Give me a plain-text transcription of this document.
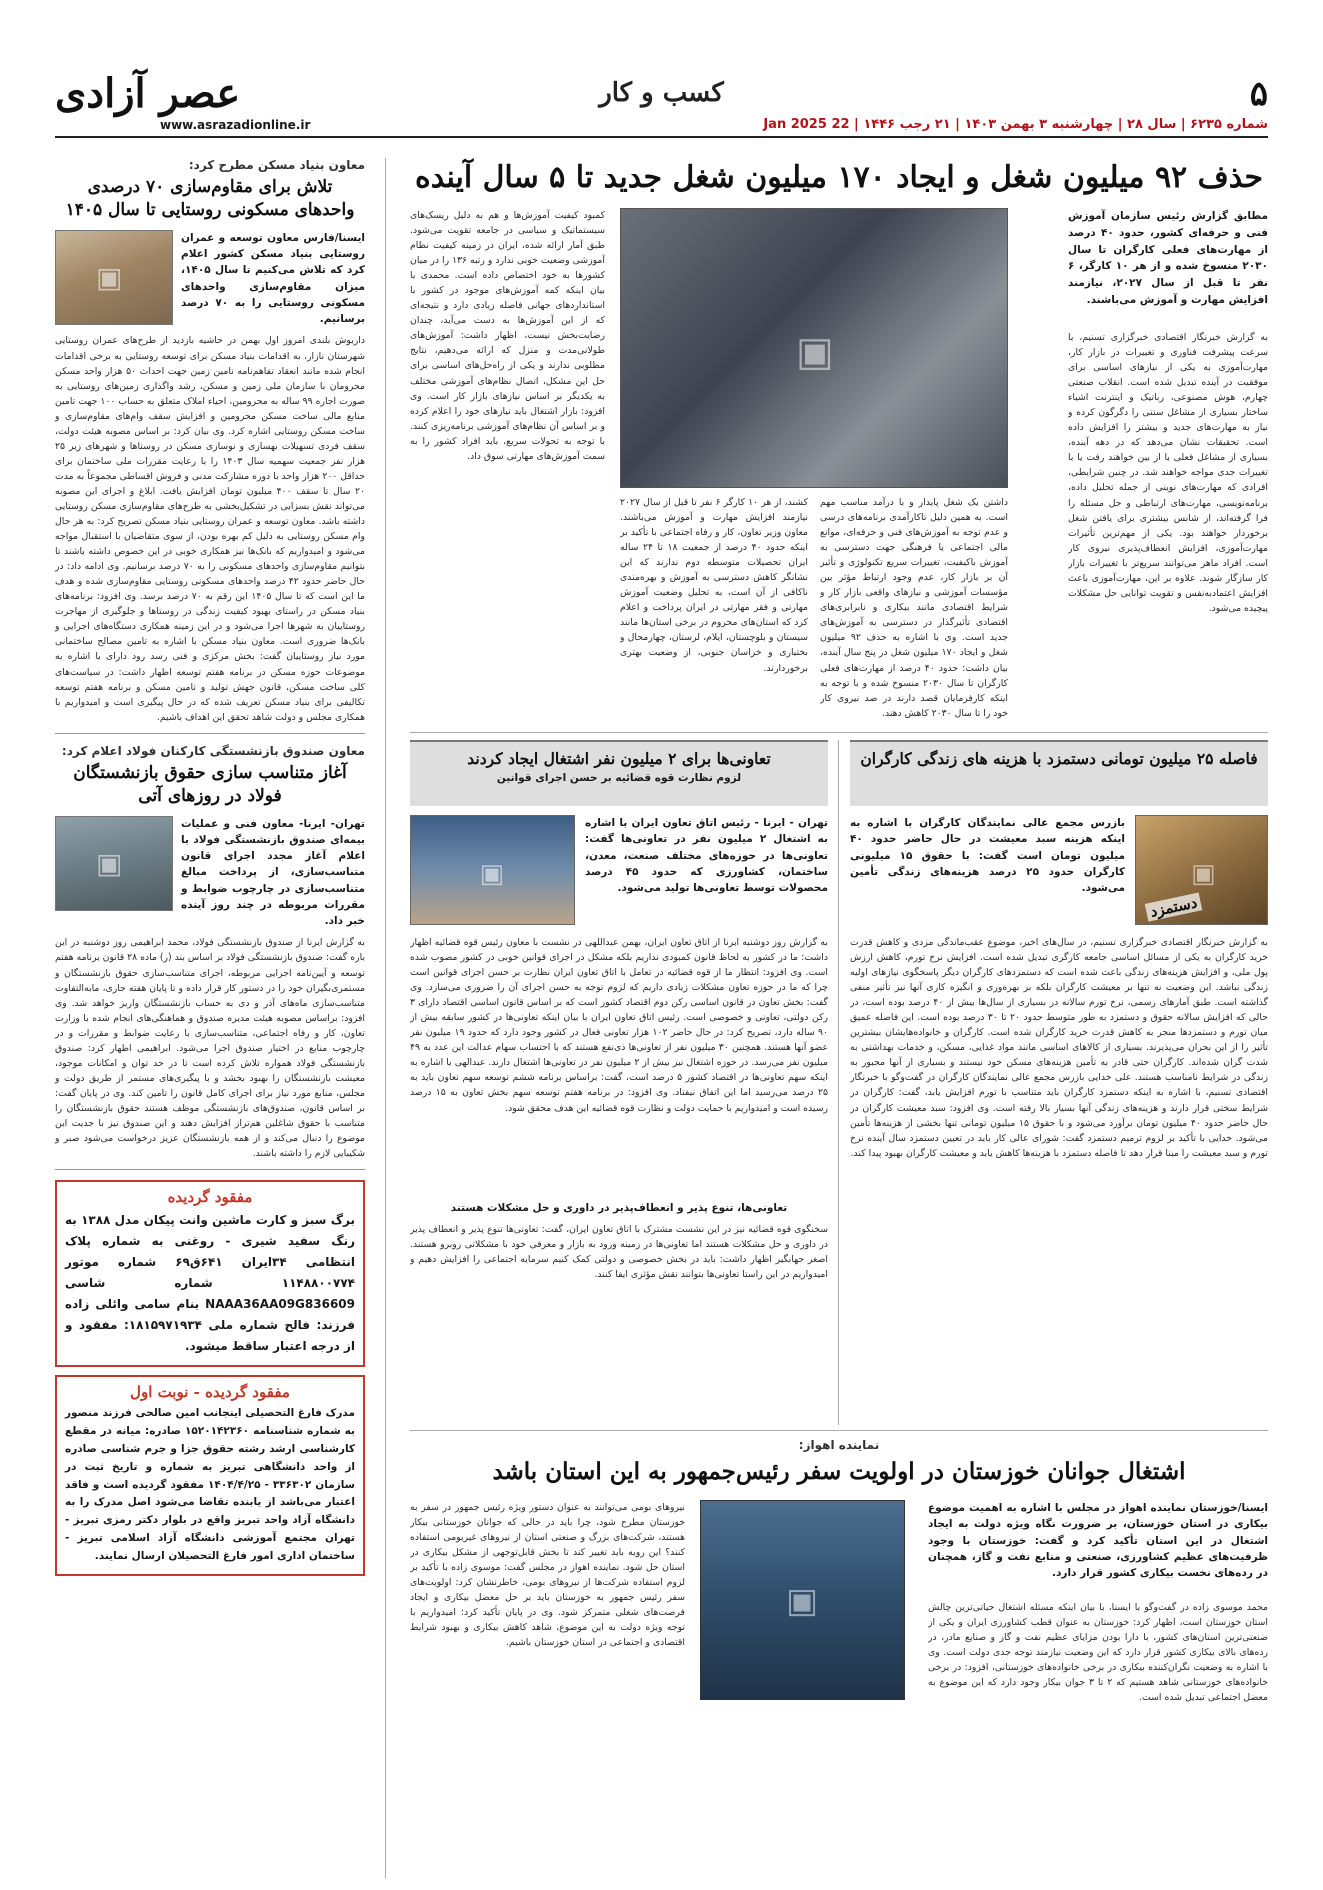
۵
کسب و کار
شماره ۶۲۳۵ | سال ۲۸ | چهارشنبه ۳ بهمن ۱۴۰۳ | ۲۱ رجب ۱۴۴۶ | 22 Jan 2025
عصر آزادی
www.asrazadionline.ir
معاون بنیاد مسکن مطرح کرد:
تلاش برای مقاوم‌سازی ۷۰ درصدی واحدهای مسکونی روستایی تا سال ۱۴۰۵
▣
ایسنا/فارس معاون توسعه و عمران روستایی بنیاد مسکن کشور اعلام کرد که تلاش می‌کنیم تا سال ۱۴۰۵، میزان مقاوم‌سازی واحدهای مسکونی روستایی را به ۷۰ درصد برسانیم.
داریوش بلندی امروز اول بهمن در حاشیه بازدید از طرح‌های عمران روستایی شهرستان نازار، به اقدامات بنیاد مسکن برای توسعه روستایی به برخی اقدامات انجام شده مانند انعقاد تفاهم‌نامه تامین زمین جهت احداث ۵۰ هزار واحد مسکن محرومان با سازمان ملی زمین و مسکن، رشد واگذاری زمین‌های روستایی به صورت اجاره ۹۹ ساله به محرومین، احیاء املاک متعلق به حساب ۱۰۰ جهت تامین منابع مالی ساخت مسکن محرومین و افزایش سقف وام‌های مقاوم‌سازی و ساخت مسکن روستایی اشاره کرد. وی بیان کرد: بر اساس مصوبه هیئت دولت، سقف فردی تسهیلات بهسازی و نوسازی مسکن در روستاها و شهرهای زیر ۲۵ هزار نفر جمعیت سهمیه سال ۱۴۰۳ را با رعایت مقررات ملی ساختمان برای حداقل ۲۰۰ هزار واحد با دوره مشارکت مدنی و فروش اقساطی مجموعاً به مدت ۲۰ سال تا سقف ۴۰۰ میلیون تومان افزایش یافت. ابلاغ و اجرای این مصوبه می‌تواند نقش بسزایی در تشکیل‌بخشی به طرح‌های مقاوم‌سازی مسکن روستایی داشته باشد. معاون توسعه و عمران روستایی بنیاد مسکن تصریح کرد: به هر حال وام مسکن روستایی به دلیل کم بهره بودن، از سوی متقاضیان با استقبال مواجه می‌شود و امیدواریم که بانک‌ها نیز همکاری خوبی در این خصوص داشته باشند تا بتوانیم مقاوم‌سازی واحدهای مسکونی را به ۷۰ درصد برسانیم. وی ادامه داد: در حال حاضر حدود ۴۲ درصد واحدهای مسکونی روستایی مقاوم‌سازی شده و هدف ما این است که تا سال ۱۴۰۵ این رقم به ۷۰ درصد برسد. وی افزود: برنامه‌های بنیاد مسکن در راستای بهبود کیفیت زندگی در روستاها و جلوگیری از مهاجرت روستاییان به شهرها اجرا می‌شود و در این زمینه همکاری دستگاه‌های اجرایی و بانک‌ها ضروری است. معاون بنیاد مسکن با اشاره به تامین مصالح ساختمانی مورد نیاز روستاییان گفت: بخش مرکزی و فنی رسد رود دارای یا اشاره به موضوعات حوزه مسکن در برنامه هفتم توسعه اظهار داشت: در سیاست‌های کلی ساخت مسکن، قانون جهش تولید و تامین مسکن و برنامه هفتم توسعه تکالیفی برای بنیاد مسکن تعریف شده که در حال پیگیری است و امیدواریم با همکاری مجلس و دولت شاهد تحقق این اهداف باشیم.
معاون صندوق بازنشستگی کارکنان فولاد اعلام کرد:
آغاز متناسب سازی حقوق بازنشستگان فولاد در روزهای آتی
▣
تهران- ایرنا- معاون فنی و عملیات بیمه‌ای صندوق بازنشستگی فولاد با اعلام آغاز مجدد اجرای قانون متناسب‌سازی، از پرداخت مبالغ متناسب‌سازی در چارچوب ضوابط و مقررات مربوطه در چند روز آینده خبر داد.
به گزارش ایرنا از صندوق بازنشستگی فولاد، محمد ابراهیمی روز دوشنبه در این باره گفت: صندوق بازنشستگی فولاد بر اساس بند (ر) ماده ۲۸ قانون برنامه هفتم توسعه و آیین‌نامه اجرایی مربوطه، اجرای متناسب‌سازی حقوق بازنشستگان و مستمری‌بگیران خود را در دستور کار قرار داده و تا پایان هفته جاری، مابه‌التفاوت متناسب‌سازی ماه‌های آذر و دی به حساب بازنشستگان واریز خواهد شد. وی افزود: براساس مصوبه هیئت مدیره صندوق و هماهنگی‌های انجام شده با وزارت تعاون، کار و رفاه اجتماعی، متناسب‌سازی با رعایت ضوابط و مقررات و در چارچوب منابع در اختیار صندوق اجرا می‌شود. ابراهیمی اظهار کرد: صندوق بازنشستگی فولاد همواره تلاش کرده است تا در حد توان و امکانات موجود، معیشت بازنشستگان را بهبود بخشد و با پیگیری‌های مستمر از طریق دولت و مجلس، منابع مورد نیاز برای اجرای کامل قانون را تامین کند. وی در پایان گفت: بر اساس قانون، صندوق‌های بازنشستگی موظف هستند حقوق بازنشستگان را متناسب با حقوق شاغلین هم‌تراز افزایش دهند و این صندوق نیز با جدیت این موضوع را دنبال می‌کند و از همه بازنشستگان عزیز درخواست می‌شود صبر و شکیبایی لازم را داشته باشند.
مفقود گردیده
برگ سبز و کارت ماشین وانت پیکان مدل ۱۳۸۸ به رنگ سفید شیری - روغنی به شماره پلاک انتظامی ۳۴ایران ۶۴۱ق۶۹ شماره موتور ۱۱۴۸۸۰۰۷۷۴ شماره شاسی NAAA36AA09G836609 بنام سامی وائلی زاده فرزند: فالح شماره ملی ۱۸۱۵۹۷۱۹۳۴: مفقود و از درجه اعتبار ساقط میشود.
مفقود گردیده - نوبت اول
مدرک فارغ التحصیلی اینجانب امین صالحی فرزند منصور به شماره شناسنامه ۱۵۲۰۱۴۲۳۶۰ صادره: میانه در مقطع کارشناسی ارشد رشته حقوق جزا و جرم شناسی صادره از واحد دانشگاهی تبریز به شماره و تاریخ ثبت در سازمان ۳۳۶۳۰۲ - ۱۴۰۴/۴/۲۵ مفقود گردیده است و فاقد اعتبار می‌باشد از یابنده تقاضا می‌شود اصل مدرک را به دانشگاه آزاد واحد تبریز واقع در بلوار دکتر رمزی تبریز - تهران مجتمع آموزشی دانشگاه آزاد اسلامی تبریز - ساختمان اداری امور فارغ التحصیلان ارسال نمایند.
حذف ۹۲ میلیون شغل و ایجاد ۱۷۰ میلیون شغل جدید تا ۵ سال آینده
مطابق گزارش رئیس سازمان آموزش فنی و حرفه‌ای کشور، حدود ۴۰ درصد از مهارت‌های فعلی کارگران تا سال ۲۰۳۰ منسوخ شده و از هر ۱۰ کارگر، ۶ نفر تا قبل از سال ۲۰۲۷، نیازمند افزایش مهارت و آموزش می‌باشند.
به گزارش خبرنگار اقتصادی خبرگزاری تسنیم، با سرعت پیشرفت فناوری و تغییرات در بازار کار، مهارت‌آموزی به یکی از نیازهای اساسی برای موفقیت در آینده تبدیل شده است. انقلاب صنعتی چهارم، هوش مصنوعی، رباتیک و اینترنت اشیاء ساختار بسیاری از مشاغل سنتی را دگرگون کرده و نیاز به مهارت‌های جدید و بیشتر را افزایش داده است. تحقیقات نشان می‌دهد که در دهه آینده، بسیاری از مشاغل فعلی یا از بین خواهند رفت یا با تغییرات جدی مواجه خواهند شد. در چنین شرایطی، افرادی که مهارت‌های نوینی از جمله تحلیل داده، برنامه‌نویسی، مهارت‌های ارتباطی و حل مسئله را فرا گرفته‌اند، از شانس بیشتری برای یافتن شغل برخوردار خواهند بود. یکی از مهم‌ترین تأثیرات مهارت‌آموزی، افزایش انعطاف‌پذیری نیروی کار است. افراد ماهر می‌توانند سریع‌تر با تغییرات بازار کار سازگار شوند. علاوه بر این، مهارت‌آموزی باعث افزایش اعتمادبه‌نفس و تقویت توانایی حل مشکلات پیچیده می‌شود.
▣
کمبود کیفیت آموزش‌ها و هم به دلیل ریسک‌های سیستماتیک و سیاسی در جامعه تقویت می‌شود. طبق آمار ارائه شده، ایران در زمینه کیفیت نظام آموزشی وضعیت خوبی ندارد و رتبه ۱۳۶ را در میان کشورها به خود اختصاص داده است. محمدی با بیان اینکه کمه آموزش‌های موجود در کشور با استانداردهای جهانی فاصله زیادی دارد و نتیجه‌ای که از این آموزش‌ها به دست می‌آید، چندان رضایت‌بخش نیست، اظهار داشت: آموزش‌های طولانی‌مدت و منزل که ارائه می‌دهیم، نتایج مطلوبی ندارند و یکی از راه‌حل‌های اساسی برای حل این مشکل، اتصال نظام‌های آموزشی مختلف به یکدیگر بر اساس نیازهای بازار کار است. وی افزود: بازار اشتغال باید نیازهای خود را اعلام کرده و بر اساس آن نظام‌های آموزشی برنامه‌ریزی کنند. با توجه به تحولات سریع، باید افراد کشور را به سمت آموزش‌های مهارتی سوق داد.
داشتن یک شغل پایدار و با درآمد مناسب مهم است. به همین دلیل تاکارآمدی برنامه‌های درسی و عدم توجه به آموزش‌های فنی و حرفه‌ای، موانع مالی اجتماعی یا فرهنگی جهت دسترسی به آموزش باکیفیت، تغییرات سریع تکنولوژی و تأثیر آن بر بازار کار، عدم وجود ارتباط مؤثر بین مؤسسات آموزشی و نیازهای واقعی بازار کار و شرایط اقتصادی مانند بیکاری و نابرابری‌های اقتصادی تأثیرگذار در دسترسی به آموزش‌های جدید است. وی با اشاره به حذف ۹۲ میلیون شغل و ایجاد ۱۷۰ میلیون شغل در پنج سال آینده، بیان داشت: حدود ۴۰ درصد از مهارت‌های فعلی کارگران تا سال ۲۰۳۰ منسوخ شده و با توجه به اینکه کارفرمایان قصد دارند در صد نیروی کار خود را تا سال ۲۰۳۰ کاهش دهند.
کشند، از هر ۱۰ کارگر ۶ نفر تا قبل از سال ۲۰۲۷ نیازمند افزایش مهارت و آموزش می‌باشند. معاون وزیر تعاون، کار و رفاه اجتماعی با تأکید بر اینکه حدود ۴۰ درصد از جمعیت ۱۸ تا ۲۴ ساله ایران تحصیلات متوسطه دوم ندارند که این نشانگر کاهش دسترسی به آموزش و بهره‌مندی ناکافی از آن است، به تحلیل وضعیت آموزش مهارتی و فقر مهارتی در ایران پرداخت و اعلام کرد که استان‌های محروم در برخی استان‌ها مانند سیستان و بلوچستان، ایلام، لرستان، چهارمحال و بختیاری و خراسان جنوبی، از وضعیت بهتری برخوردارند.
فاصله ۲۵ میلیون تومانی دستمزد با هزینه های زندگی کارگران
▣
دستمزد
بازرس مجمع عالی نمایندگان کارگران با اشاره به اینکه هزینه سبد معیشت در حال حاضر حدود ۴۰ میلیون تومان است گفت: با حقوق ۱۵ میلیونی کارگران حدود ۲۵ درصد هزینه‌های زندگی تأمین می‌شود.
به گزارش خبرنگار اقتصادی خبرگزاری تسنیم، در سال‌های اخیر، موضوع عقب‌ماندگی مزدی و کاهش قدرت خرید کارگران به یکی از مسائل اساسی جامعه کارگری تبدیل شده است. افزایش نرخ تورم، کاهش ارزش پول ملی، و افزایش هزینه‌های زندگی باعث شده است که دستمزدهای کارگران دیگر پاسخگوی نیازهای اولیه زندگی نباشد. این وضعیت نه تنها بر معیشت کارگران بلکه بر بهره‌وری و انگیزه کاری آنها نیز تأثیر منفی گذاشته است. طبق آمارهای رسمی، نرخ تورم سالانه در بسیاری از سال‌ها بیش از ۴۰ درصد بوده است، در حالی که افزایش سالانه حقوق و دستمزد به طور متوسط حدود ۲۰ تا ۳۰ درصد بوده است. این فاصله عمیق میان تورم و دستمزدها منجر به کاهش قدرت خرید کارگران شده است. کارگران و خانواده‌هایشان بیشترین تأثیر را از این بحران می‌پذیرند. بسیاری از کالاهای اساسی مانند مواد غذایی، مسکن، و خدمات بهداشتی به شدت گران شده‌اند. کارگران حتی قادر به تأمین هزینه‌های مسکن خود نیستند و بسیاری از آنها مجبور به زندگی در شرایط نامناسب هستند. علی خدایی بازرس مجمع عالی نمایندگان کارگران در گفت‌وگو با خبرنگار اقتصادی تسنیم، با اشاره به اینکه دستمزد کارگران باید متناسب با تورم افزایش یابد، گفت: کارگران در شرایط سختی قرار دارند و هزینه‌های زندگی آنها بسیار بالا رفته است. وی افزود: سبد معیشت کارگران در حال حاضر حدود ۴۰ میلیون تومان برآورد می‌شود و با حقوق ۱۵ میلیون تومانی تنها بخشی از هزینه‌ها تأمین می‌شود. خدایی با تأکید بر لزوم ترمیم دستمزد گفت: شورای عالی کار باید در تعیین دستمزد سال آینده نرخ تورم و سبد معیشت را مبنا قرار دهد تا فاصله دستمزد با هزینه‌ها کاهش یابد و معیشت کارگران بهبود پیدا کند.
تعاونی‌ها برای ۲ میلیون نفر اشتغال ایجاد کردند
لزوم نظارت قوه قضائیه بر حسن اجرای قوانین
▣
تهران - ایرنا - رئیس اتاق تعاون ایران با اشاره به اشتغال ۲ میلیون نفر در تعاونی‌ها گفت: تعاونی‌ها در حوزه‌های مختلف صنعت، معدن، ساختمان، کشاورزی که حدود ۴۵ درصد محصولات توسط تعاونی‌ها تولید می‌شود.
به گزارش روز دوشنبه ایرنا از اتاق تعاون ایران، بهمن عبداللهی در نشست با معاون رئیس قوه قضائیه اظهار داشت: ما در کشور به لحاظ قانون کمبودی نداریم بلکه مشکل در اجرای قوانین خوبی در کشور مصوب شده است. وی افزود: انتظار ما از قوه قضائیه در تعامل با اتاق تعاون ایران نظارت بر حسن اجرای قوانین است چرا که ما در حوزه تعاون مشکلات زیادی داریم که لزوم توجه به حسن اجرای آن را ضروری می‌سازد. وی گفت: بخش تعاون در قانون اساسی رکن دوم اقتصاد کشور است که بر اساس قانون اساسی اقتصاد دارای ۳ رکن دولتی، تعاونی و خصوصی است. رئیس اتاق تعاون ایران با بیان اینکه تعاونی‌ها در کشور سابقه بیش از ۹۰ ساله دارد، تصریح کرد: در حال حاضر ۱۰۲ هزار تعاونی فعال در کشور وجود دارد که حدود ۱۹ میلیون نفر عضو آنها هستند. همچنین ۳۰ میلیون نفر از تعاونی‌ها ذی‌نفع هستند که با احتساب سهام عدالت این عدد به ۴۹ میلیون نفر می‌رسد. در حوزه اشتغال نیز بیش از ۲ میلیون نفر در تعاونی‌ها اشتغال دارند. عبدالهی با اشاره به اینکه سهم تعاونی‌ها در اقتصاد کشور ۵ درصد است، گفت: براساس برنامه ششم توسعه سهم تعاون باید به ۲۵ درصد می‌رسید اما این اتفاق نیفتاد. وی افزود: در برنامه هفتم توسعه سهم بخش تعاون به ۱۵ درصد رسیده است و امیدواریم با حمایت دولت و نظارت قوه قضائیه این هدف محقق شود.
تعاونی‌ها، تنوع پذیر و انعطاف‌پذیر در داوری و حل مشکلات هستند
سخنگوی قوه قضائیه نیز در این نشست مشترک با اتاق تعاون ایران، گفت: تعاونی‌ها تنوع پذیر و انعطاف پذیر در داوری و حل مشکلات هستند اما تعاونی‌ها در زمینه ورود به بازار و معرفی خود با مشکلاتی روبرو هستند. اصغر جهانگیر اظهار داشت: باید در بخش خصوصی و دولتی کمک کنیم سرمایه اجتماعی را افزایش دهیم و امیدواریم در این راستا تعاونی‌ها بتوانند نقش مؤثری ایفا کنند.
نماینده اهواز:
اشتغال جوانان خوزستان در اولویت سفر رئیس‌جمهور به این استان باشد
ایسنا/خوزستان نماینده اهواز در مجلس با اشاره به اهمیت موضوع بیکاری در استان خوزستان، بر ضرورت نگاه ویژه دولت به ایجاد اشتغال در این استان تأکید کرد و گفت: خوزستان با وجود ظرفیت‌های عظیم کشاورزی، صنعتی و منابع نفت و گاز، همچنان در رده‌های نخست بیکاری کشور قرار دارد.
محمد موسوی زاده در گفت‌وگو با ایسنا، با بیان اینکه مسئله اشتغال حیاتی‌ترین چالش استان خوزستان است، اظهار کرد: خوزستان به عنوان قطب کشاورزی ایران و یکی از صنعتی‌ترین استان‌های کشور، با دارا بودن مزایای عظیم نفت و گاز و صنایع مادر، در رده‌های بالای بیکاری کشور قرار دارد که این وضعیت نیازمند توجه جدی دولت است. وی با اشاره به وضعیت نگران‌کننده بیکاری در برخی خانواده‌های خوزستانی، افزود: در برخی خانواده‌های خوزستانی شاهد هستیم که ۲ تا ۳ جوان بیکار وجود دارد که این موضوع به معضل اجتماعی تبدیل شده است.
▣
نیروهای بومی می‌توانند به عنوان دستور ویژه رئیس جمهور در سفر به خوزستان مطرح شود، چرا باید در حالی که جوانان خوزستانی بیکار هستند، شرکت‌های بزرگ و صنعتی استان از نیروهای غیربومی استفاده کنند؟ این رویه باید تغییر کند تا بخش قابل‌توجهی از مشکل بیکاری در استان حل شود. نماینده اهواز در مجلس گفت: موسوی زاده با تأکید بر لزوم استفاده شرکت‌ها از نیروهای بومی، خاطرنشان کرد: اولویت‌های سفر رئیس جمهور به خوزستان باید بر حل معضل بیکاری و ایجاد فرصت‌های شغلی متمرکز شود. وی در پایان تأکید کرد: امیدواریم با توجه ویژه دولت به این موضوع، شاهد کاهش بیکاری و بهبود شرایط اقتصادی و اجتماعی در استان خوزستان باشیم.
